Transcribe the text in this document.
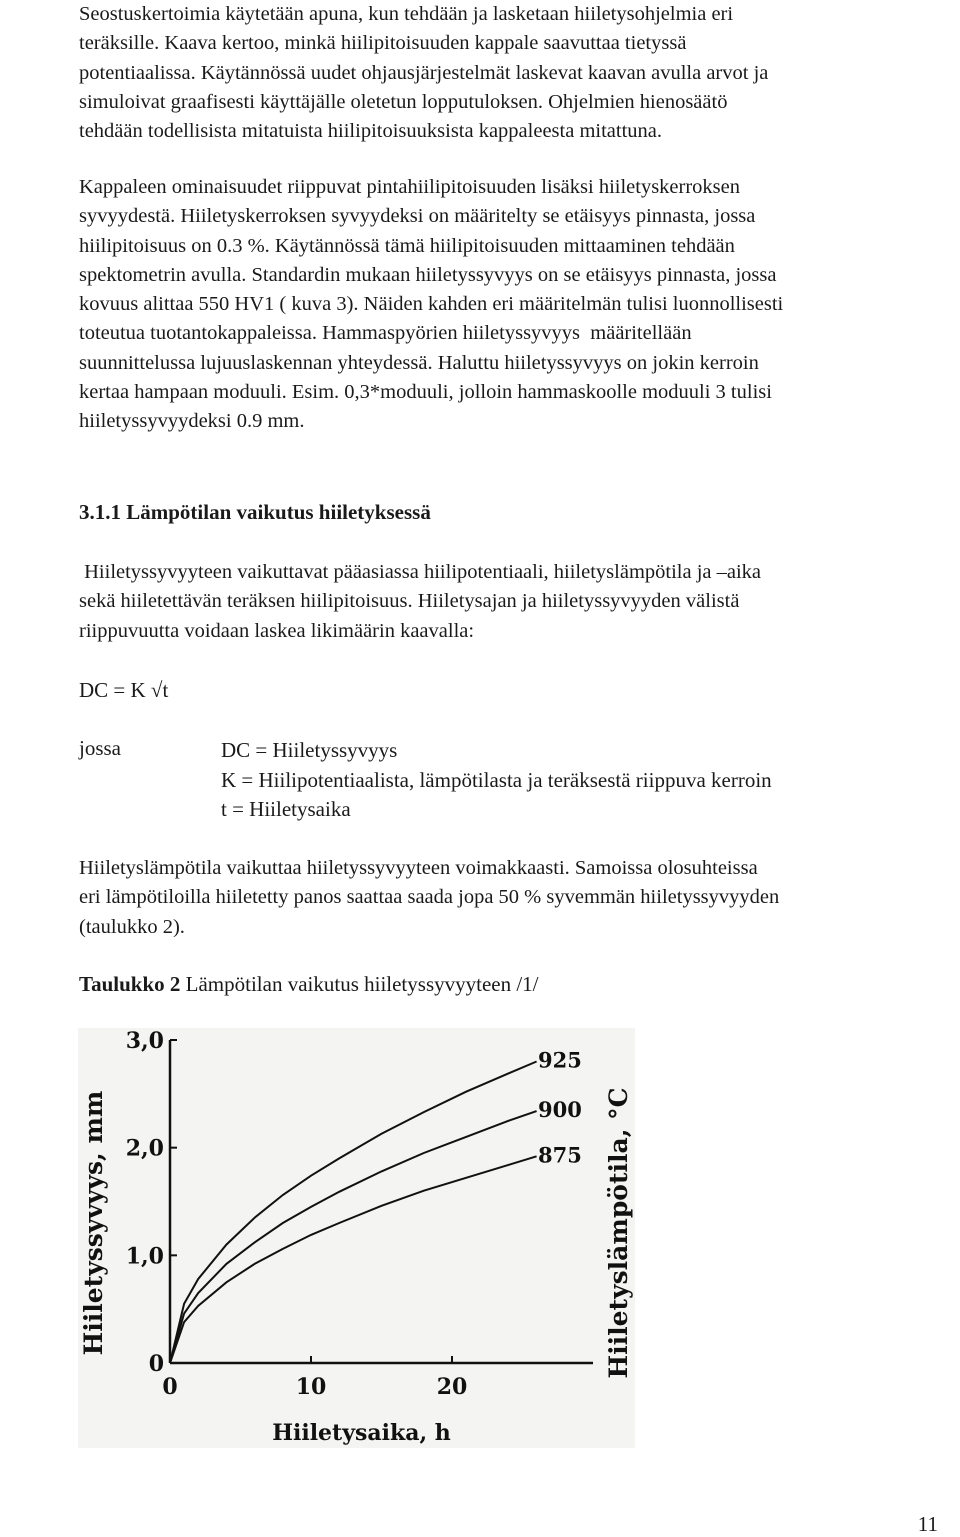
Seostuskertoimia käytetään apuna, kun tehdään ja lasketaan hiiletysohjelmia eri
teräksille. Kaava kertoo, minkä hiilipitoisuuden kappale saavuttaa tietyssä
potentiaalissa. Käytännössä uudet ohjausjärjestelmät laskevat kaavan avulla arvot ja
simuloivat graafisesti käyttäjälle oletetun lopputuloksen. Ohjelmien hienosäätö
tehdään todellisista mitatuista hiilipitoisuuksista kappaleesta mitattuna.
Kappaleen ominaisuudet riippuvat pintahiilipitoisuuden lisäksi hiiletyskerroksen
syvyydestä. Hiiletyskerroksen syvyydeksi on määritelty se etäisyys pinnasta, jossa
hiilipitoisuus on 0.3 %. Käytännössä tämä hiilipitoisuuden mittaaminen tehdään
spektometrin avulla. Standardin mukaan hiiletyssyvyys on se etäisyys pinnasta, jossa
kovuus alittaa 550 HV1 ( kuva 3). Näiden kahden eri määritelmän tulisi luonnollisesti
toteutua tuotantokappaleissa. Hammaspyörien hiiletyssyvyys  määritellään
suunnittelussa lujuuslaskennan yhteydessä. Haluttu hiiletyssyvyys on jokin kerroin
kertaa hampaan moduuli. Esim. 0,3*moduuli, jolloin hammaskoolle moduuli 3 tulisi
hiiletyssyvyydeksi 0.9 mm.
3.1.1 Lämpötilan vaikutus hiiletyksessä
Hiiletyssyvyyteen vaikuttavat pääasiassa hiilipotentiaali, hiiletyslämpötila ja –aika
sekä hiiletettävän teräksen hiilipitoisuus. Hiiletysajan ja hiiletyssyvyyden välistä
riippuvuutta voidaan laskea likimäärin kaavalla:
DC = K √t
jossa	DC = Hiiletyssyvyys
K = Hiilipotentiaalista, lämpötilasta ja teräksestä riippuva kerroin
t = Hiiletysaika
Hiiletyslämpötila vaikuttaa hiiletyssyvyyteen voimakkaasti. Samoissa olosuhteissa
eri lämpötiloilla hiiletetty panos saattaa saada jopa 50 % syvemmän hiiletyssyvyyden
(taulukko 2).
Taulukko 2 Lämpötilan vaikutus hiiletyssyvyyteen /1/
0
1,0
2,0
3,0
0	10	20
925
900
875
Hiiletysaika, h
Hiiletyssyvyys, mm	Hiiletyslämpötila, °C
11
